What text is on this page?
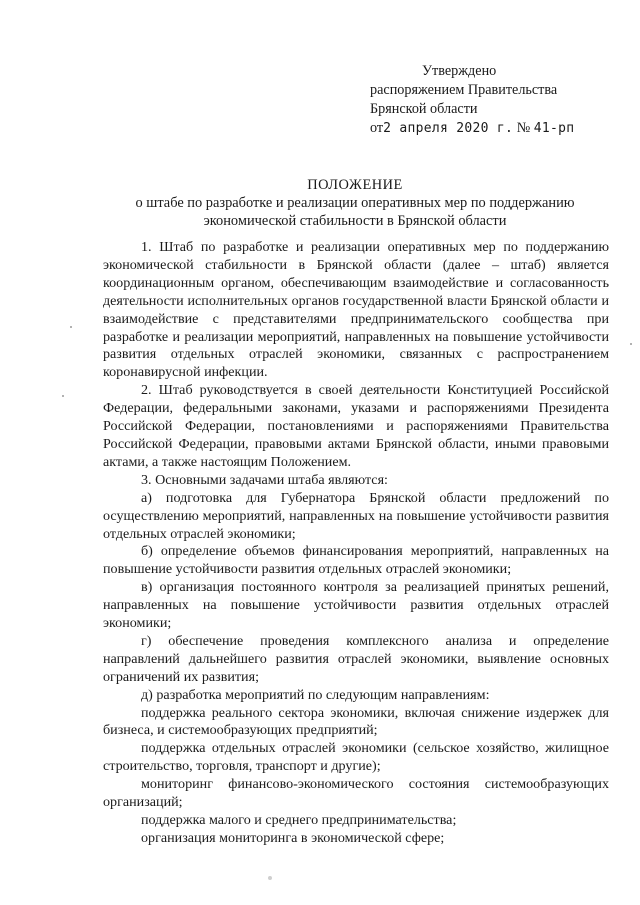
Утверждено
распоряжением Правительства
Брянской области
от2 апреля 2020 г. № 41-рп
ПОЛОЖЕНИЕ
о штабе по разработке и реализации оперативных мер по поддержанию
экономической стабильности в Брянской области

1. Штаб по разработке и реализации оперативных мер по поддержанию экономической стабильности в Брянской области (далее – штаб) является координационным органом, обеспечивающим взаимодействие и согласованность деятельности исполнительных органов государственной власти Брянской области и взаимодействие с представителями предпринимательского сообщества при разработке и реализации мероприятий, направленных на повышение устойчивости развития отдельных отраслей экономики, связанных с распространением коронавирусной инфекции.

2. Штаб руководствуется в своей деятельности Конституцией Российской Федерации, федеральными законами, указами и распоряжениями Президента Российской Федерации, постановлениями и распоряжениями Правительства Российской Федерации, правовыми актами Брянской области, иными правовыми актами, а также настоящим Положением.

3. Основными задачами штаба являются:

а) подготовка для Губернатора Брянской области предложений по осуществлению мероприятий, направленных на повышение устойчивости развития отдельных отраслей экономики;

б) определение объемов финансирования мероприятий, направленных на повышение устойчивости развития отдельных отраслей экономики;

в) организация постоянного контроля за реализацией принятых решений, направленных на повышение устойчивости развития отдельных отраслей экономики;

г) обеспечение проведения комплексного анализа и определение направлений дальнейшего развития отраслей экономики, выявление основных ограничений их развития;

д) разработка мероприятий по следующим направлениям:

поддержка реального сектора экономики, включая снижение издержек для бизнеса, и системообразующих предприятий;

поддержка отдельных отраслей экономики (сельское хозяйство, жилищное строительство, торговля, транспорт и другие);

мониторинг финансово-экономического состояния системообразующих организаций;

поддержка малого и среднего предпринимательства;

организация мониторинга в экономической сфере;
